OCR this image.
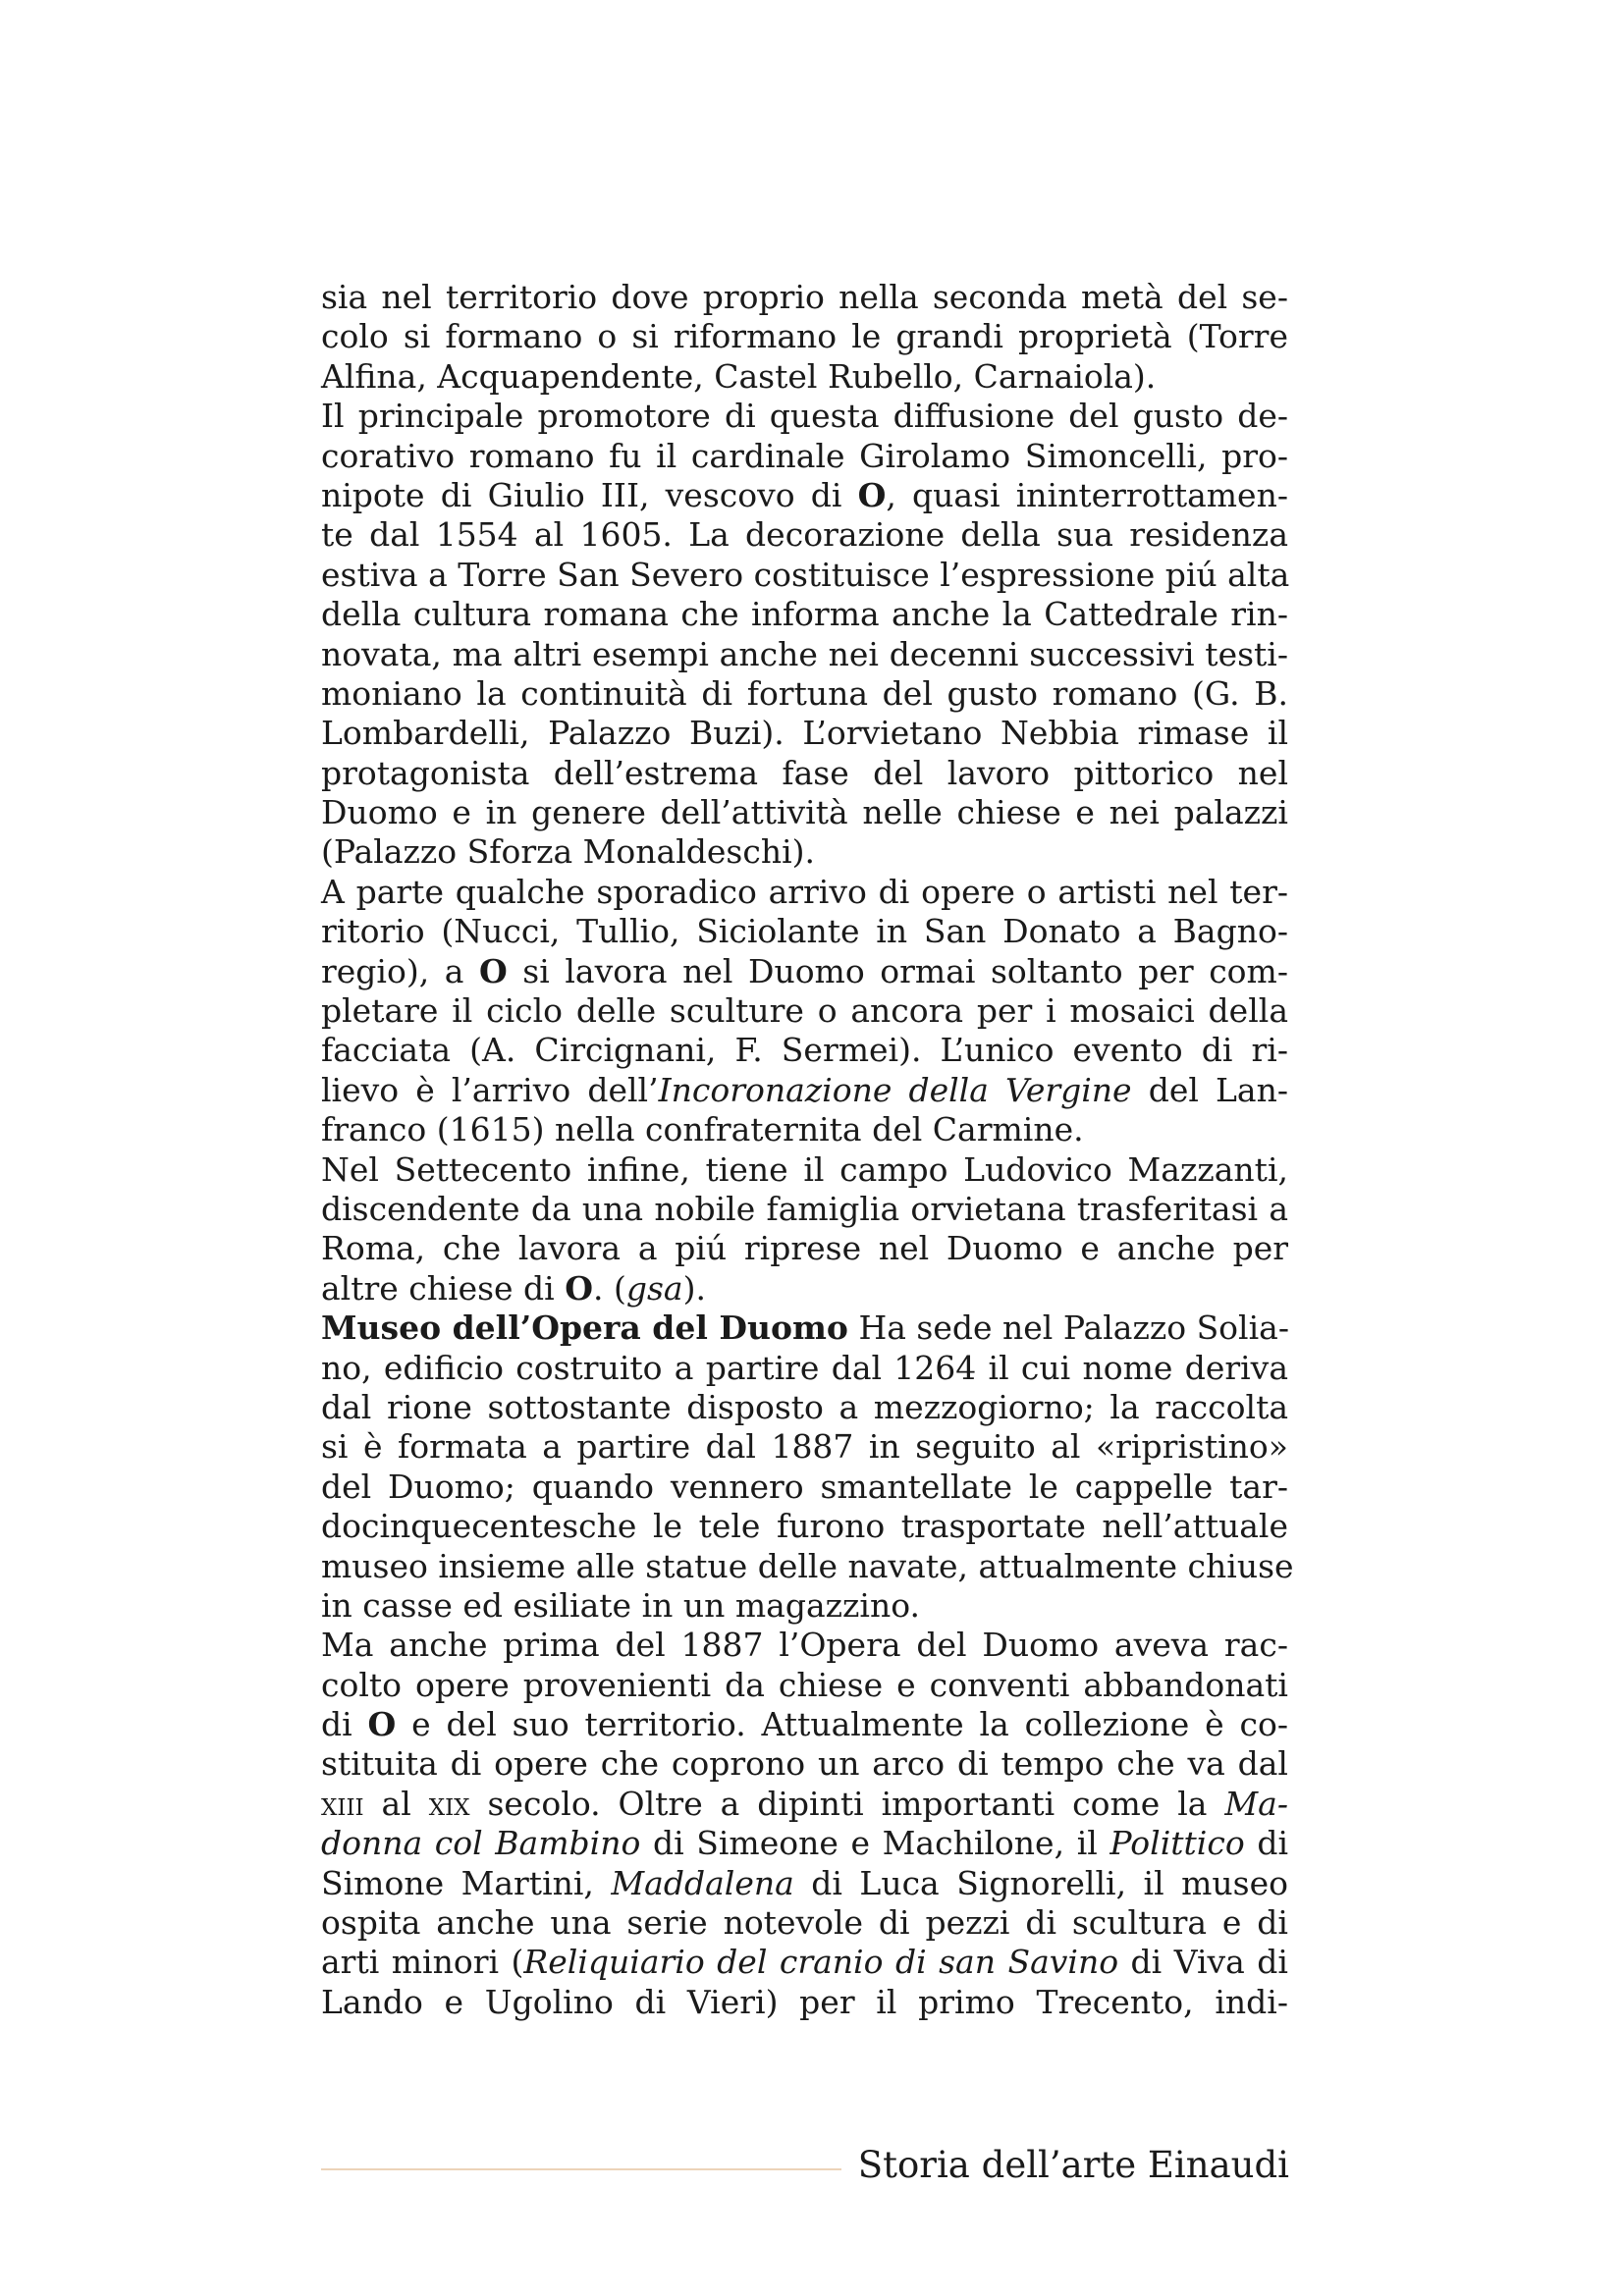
sia nel territorio dove proprio nella seconda metà del se-
colo si formano o si riformano le grandi proprietà (Torre
Alfina, Acquapendente, Castel Rubello, Carnaiola).
Il principale promotore di questa diffusione del gusto de-
corativo romano fu il cardinale Girolamo Simoncelli, pro-
nipote di Giulio III, vescovo di O, quasi ininterrottamen-
te dal 1554 al 1605. La decorazione della sua residenza
estiva a Torre San Severo costituisce l’espressione piú alta
della cultura romana che informa anche la Cattedrale rin-
novata, ma altri esempi anche nei decenni successivi testi-
moniano la continuità di fortuna del gusto romano (G. B.
Lombardelli, Palazzo Buzi). L’orvietano Nebbia rimase il
protagonista dell’estrema fase del lavoro pittorico nel
Duomo e in genere dell’attività nelle chiese e nei palazzi
(Palazzo Sforza Monaldeschi).
A parte qualche sporadico arrivo di opere o artisti nel ter-
ritorio (Nucci, Tullio, Siciolante in San Donato a Bagno-
regio), a O si lavora nel Duomo ormai soltanto per com-
pletare il ciclo delle sculture o ancora per i mosaici della
facciata (A. Circignani, F. Sermei). L’unico evento di ri-
lievo è l’arrivo dell’Incoronazione della Vergine del Lan-
franco (1615) nella confraternita del Carmine.
Nel Settecento infine, tiene il campo Ludovico Mazzanti,
discendente da una nobile famiglia orvietana trasferitasi a
Roma, che lavora a piú riprese nel Duomo e anche per
altre chiese di O. (gsa).
Museo dell’Opera del Duomo Ha sede nel Palazzo Solia-
no, edificio costruito a partire dal 1264 il cui nome deriva
dal rione sottostante disposto a mezzogiorno; la raccolta
si è formata a partire dal 1887 in seguito al «ripristino»
del Duomo; quando vennero smantellate le cappelle tar-
docinquecentesche le tele furono trasportate nell’attuale
museo insieme alle statue delle navate, attualmente chiuse
in casse ed esiliate in un magazzino.
Ma anche prima del 1887 l’Opera del Duomo aveva rac-
colto opere provenienti da chiese e conventi abbandonati
di O e del suo territorio. Attualmente la collezione è co-
stituita di opere che coprono un arco di tempo che va dal
xiii al xix secolo. Oltre a dipinti importanti come la Ma-
donna col Bambino di Simeone e Machilone, il Polittico di
Simone Martini, Maddalena di Luca Signorelli, il museo
ospita anche una serie notevole di pezzi di scultura e di
arti minori (Reliquiario del cranio di san Savino di Viva di
Lando e Ugolino di Vieri) per il primo Trecento, indi-
Storia dell’arte Einaudi
